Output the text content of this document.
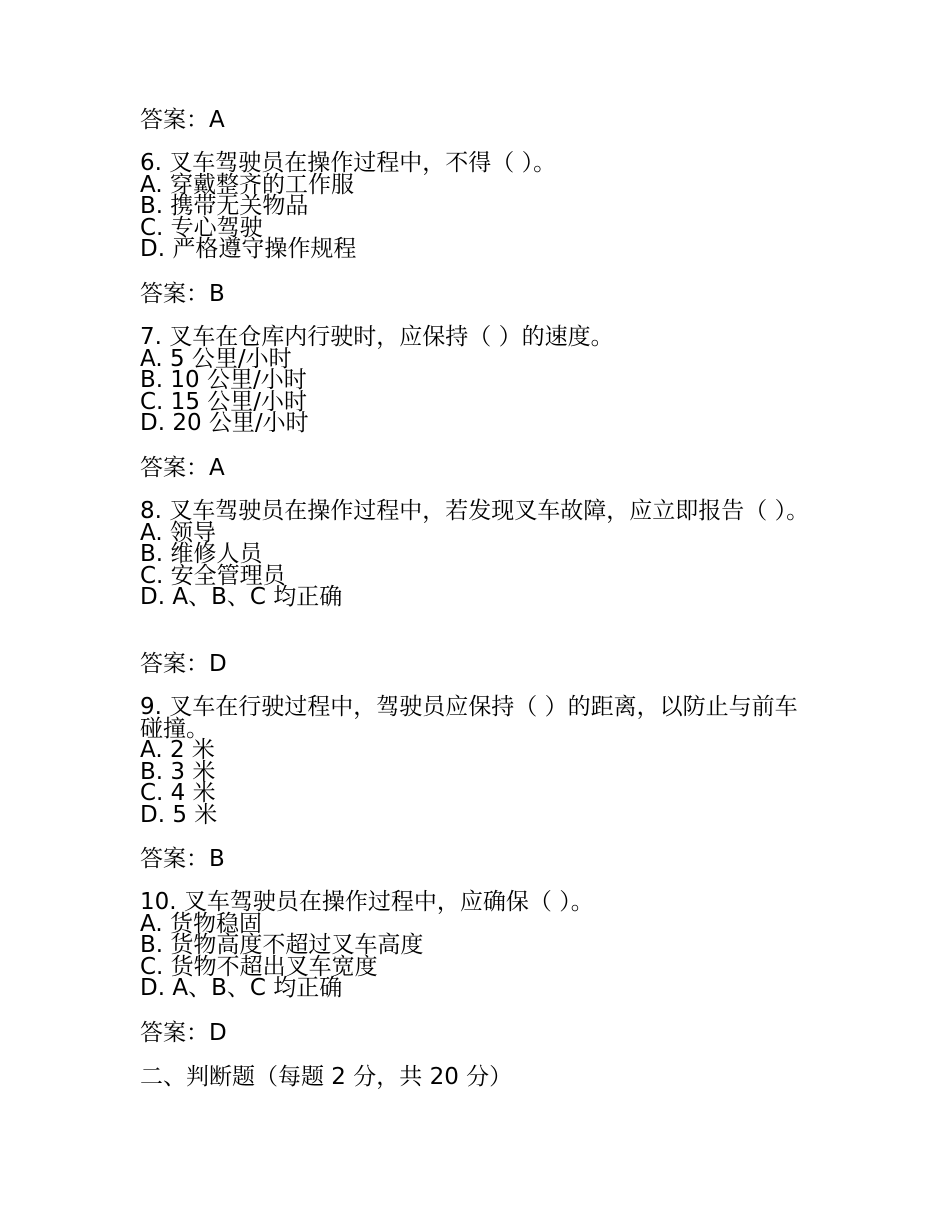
答案：A

6. 叉车驾驶员在操作过程中，不得（ ）。

A. 穿戴整齐的工作服

B. 携带无关物品

C. 专心驾驶

D. 严格遵守操作规程

答案：B

7. 叉车在仓库内行驶时，应保持（ ）的速度。

A. 5 公里/小时

B. 10 公里/小时

C. 15 公里/小时

D. 20 公里/小时

答案：A

8. 叉车驾驶员在操作过程中，若发现叉车故障，应立即报告（ ）。

A. 领导

B. 维修人员

C. 安全管理员

D. A、B、C 均正确

答案：D

9. 叉车在行驶过程中，驾驶员应保持（ ）的距离，以防止与前车碰撞。

A. 2 米

B. 3 米

C. 4 米

D. 5 米

答案：B

10. 叉车驾驶员在操作过程中，应确保（ ）。

A. 货物稳固

B. 货物高度不超过叉车高度

C. 货物不超出叉车宽度

D. A、B、C 均正确

答案：D
二、判断题（每题 2 分，共 20 分）
